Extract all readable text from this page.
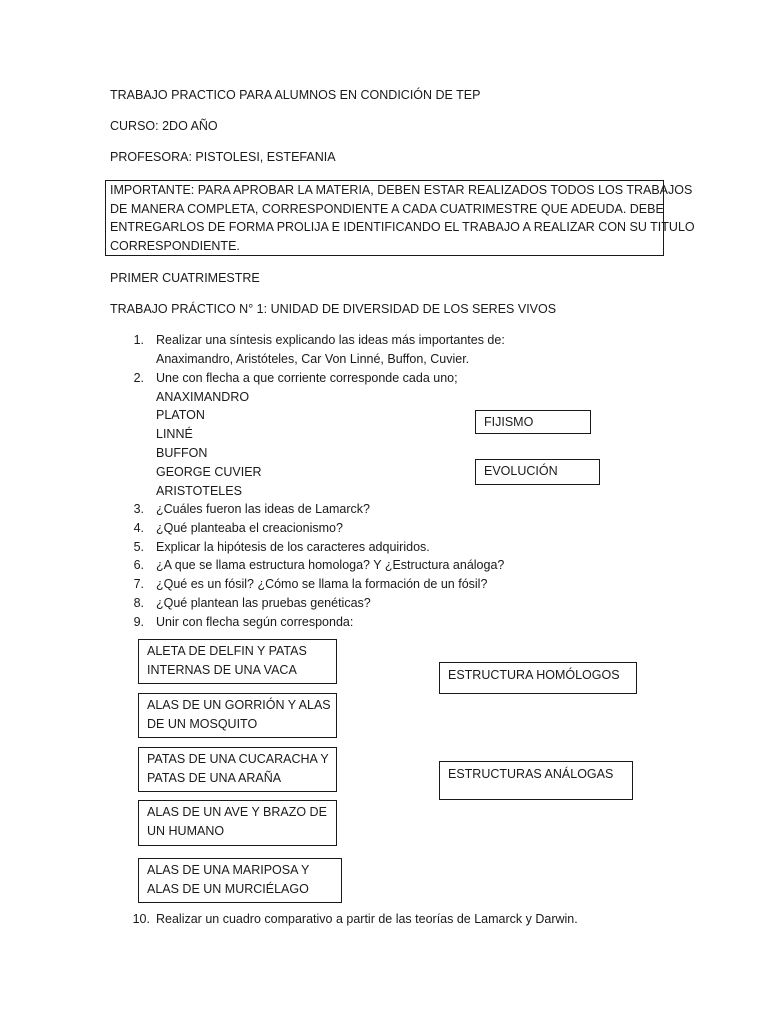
TRABAJO PRACTICO PARA ALUMNOS EN CONDICIÓN DE TEP
CURSO: 2DO AÑO
PROFESORA: PISTOLESI, ESTEFANIA
IMPORTANTE: PARA APROBAR LA MATERIA, DEBEN ESTAR REALIZADOS TODOS LOS TRABAJOS
DE MANERA COMPLETA, CORRESPONDIENTE A CADA CUATRIMESTRE QUE ADEUDA. DEBE
ENTREGARLOS DE FORMA PROLIJA E IDENTIFICANDO EL TRABAJO A REALIZAR CON SU TITULO
CORRESPONDIENTE.
PRIMER CUATRIMESTRE
TRABAJO PRÁCTICO N° 1: UNIDAD DE DIVERSIDAD DE LOS SERES VIVOS
1. Realizar una síntesis explicando las ideas más importantes de:
Anaximandro, Aristóteles, Car Von Linné, Buffon, Cuvier.
2. Une con flecha a que corriente corresponde cada uno;
ANAXIMANDRO
PLATON
LINNÉ
BUFFON
GEORGE CUVIER
ARISTOTELES
FIJISMO
EVOLUCIÓN
3. ¿Cuáles fueron las ideas de Lamarck?
4. ¿Qué planteaba el creacionismo?
5. Explicar la hipótesis de los caracteres adquiridos.
6. ¿A que se llama estructura homologa? Y ¿Estructura análoga?
7. ¿Qué es un fósil? ¿Cómo se llama la formación de un fósil?
8. ¿Qué plantean las pruebas genéticas?
9. Unir con flecha según corresponda:
ALETA DE DELFIN Y PATAS
INTERNAS DE UNA VACA
ALAS DE UN GORRIÓN Y ALAS
DE UN MOSQUITO
PATAS DE UNA CUCARACHA Y
PATAS DE UNA ARAÑA
ALAS DE UN AVE Y BRAZO DE
UN HUMANO
ALAS DE UNA MARIPOSA Y
ALAS DE UN MURCIÉLAGO
ESTRUCTURA HOMÓLOGOS
ESTRUCTURAS ANÁLOGAS
10. Realizar un cuadro comparativo a partir de las teorías de Lamarck y Darwin.
